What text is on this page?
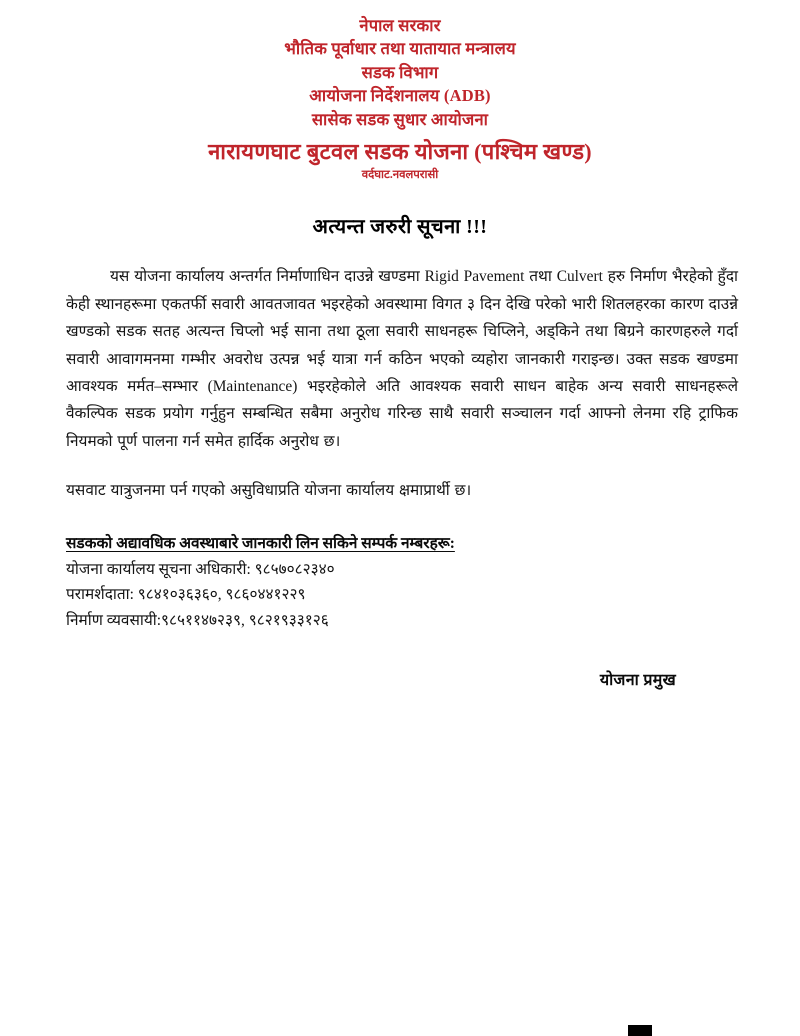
नेपाल सरकार
भौतिक पूर्वाधार तथा यातायात मन्त्रालय
सडक विभाग
आयोजना निर्देशनालय (ADB)
सासेक सडक सुधार आयोजना
नारायणघाट बुटवल सडक योजना (पश्चिम खण्ड)
वर्दघाट.नवलपरासी
अत्यन्त जरुरी सूचना !!!

यस योजना कार्यालय अन्तर्गत निर्माणाधिन दाउन्ने खण्डमा Rigid Pavement तथा Culvert हरु निर्माण भैरहेको हुँदा केही स्थानहरूमा एकतर्फी सवारी आवतजावत भइरहेको अवस्थामा विगत ३ दिन देखि परेको भारी शितलहरका कारण दाउन्ने खण्डको सडक सतह अत्यन्त चिप्लो भई साना तथा ठूला सवारी साधनहरू चिप्लिने, अड्किने तथा बिग्रने कारणहरुले गर्दा सवारी आवागमनमा गम्भीर अवरोध उत्पन्न भई यात्रा गर्न कठिन भएको व्यहोरा जानकारी गराइन्छ। उक्त सडक खण्डमा आवश्यक मर्मत–सम्भार (Maintenance) भइरहेकोले अति आवश्यक सवारी साधन बाहेक अन्य सवारी साधनहरूले वैकल्पिक सडक प्रयोग गर्नुहुन सम्बन्धित सबैमा अनुरोध गरिन्छ साथै सवारी सञ्चालन गर्दा आफ्नो लेनमा रहि ट्राफिक नियमको पूर्ण पालना गर्न समेत हार्दिक अनुरोध छ।

यसवाट यात्रुजनमा पर्न गएको असुविधाप्रति योजना कार्यालय क्षमाप्रार्थी छ।

सडकको अद्यावधिक अवस्थाबारे जानकारी लिन सकिने सम्पर्क नम्बरहरू:
योजना कार्यालय सूचना अधिकारी: ९८५७०८२३४०
परामर्शदाता: ९८४१०३६३६०, ९८६०४४१२२९
निर्माण व्यवसायी:९८५११४७२३९, ९८२१९३३१२६
योजना प्रमुख
